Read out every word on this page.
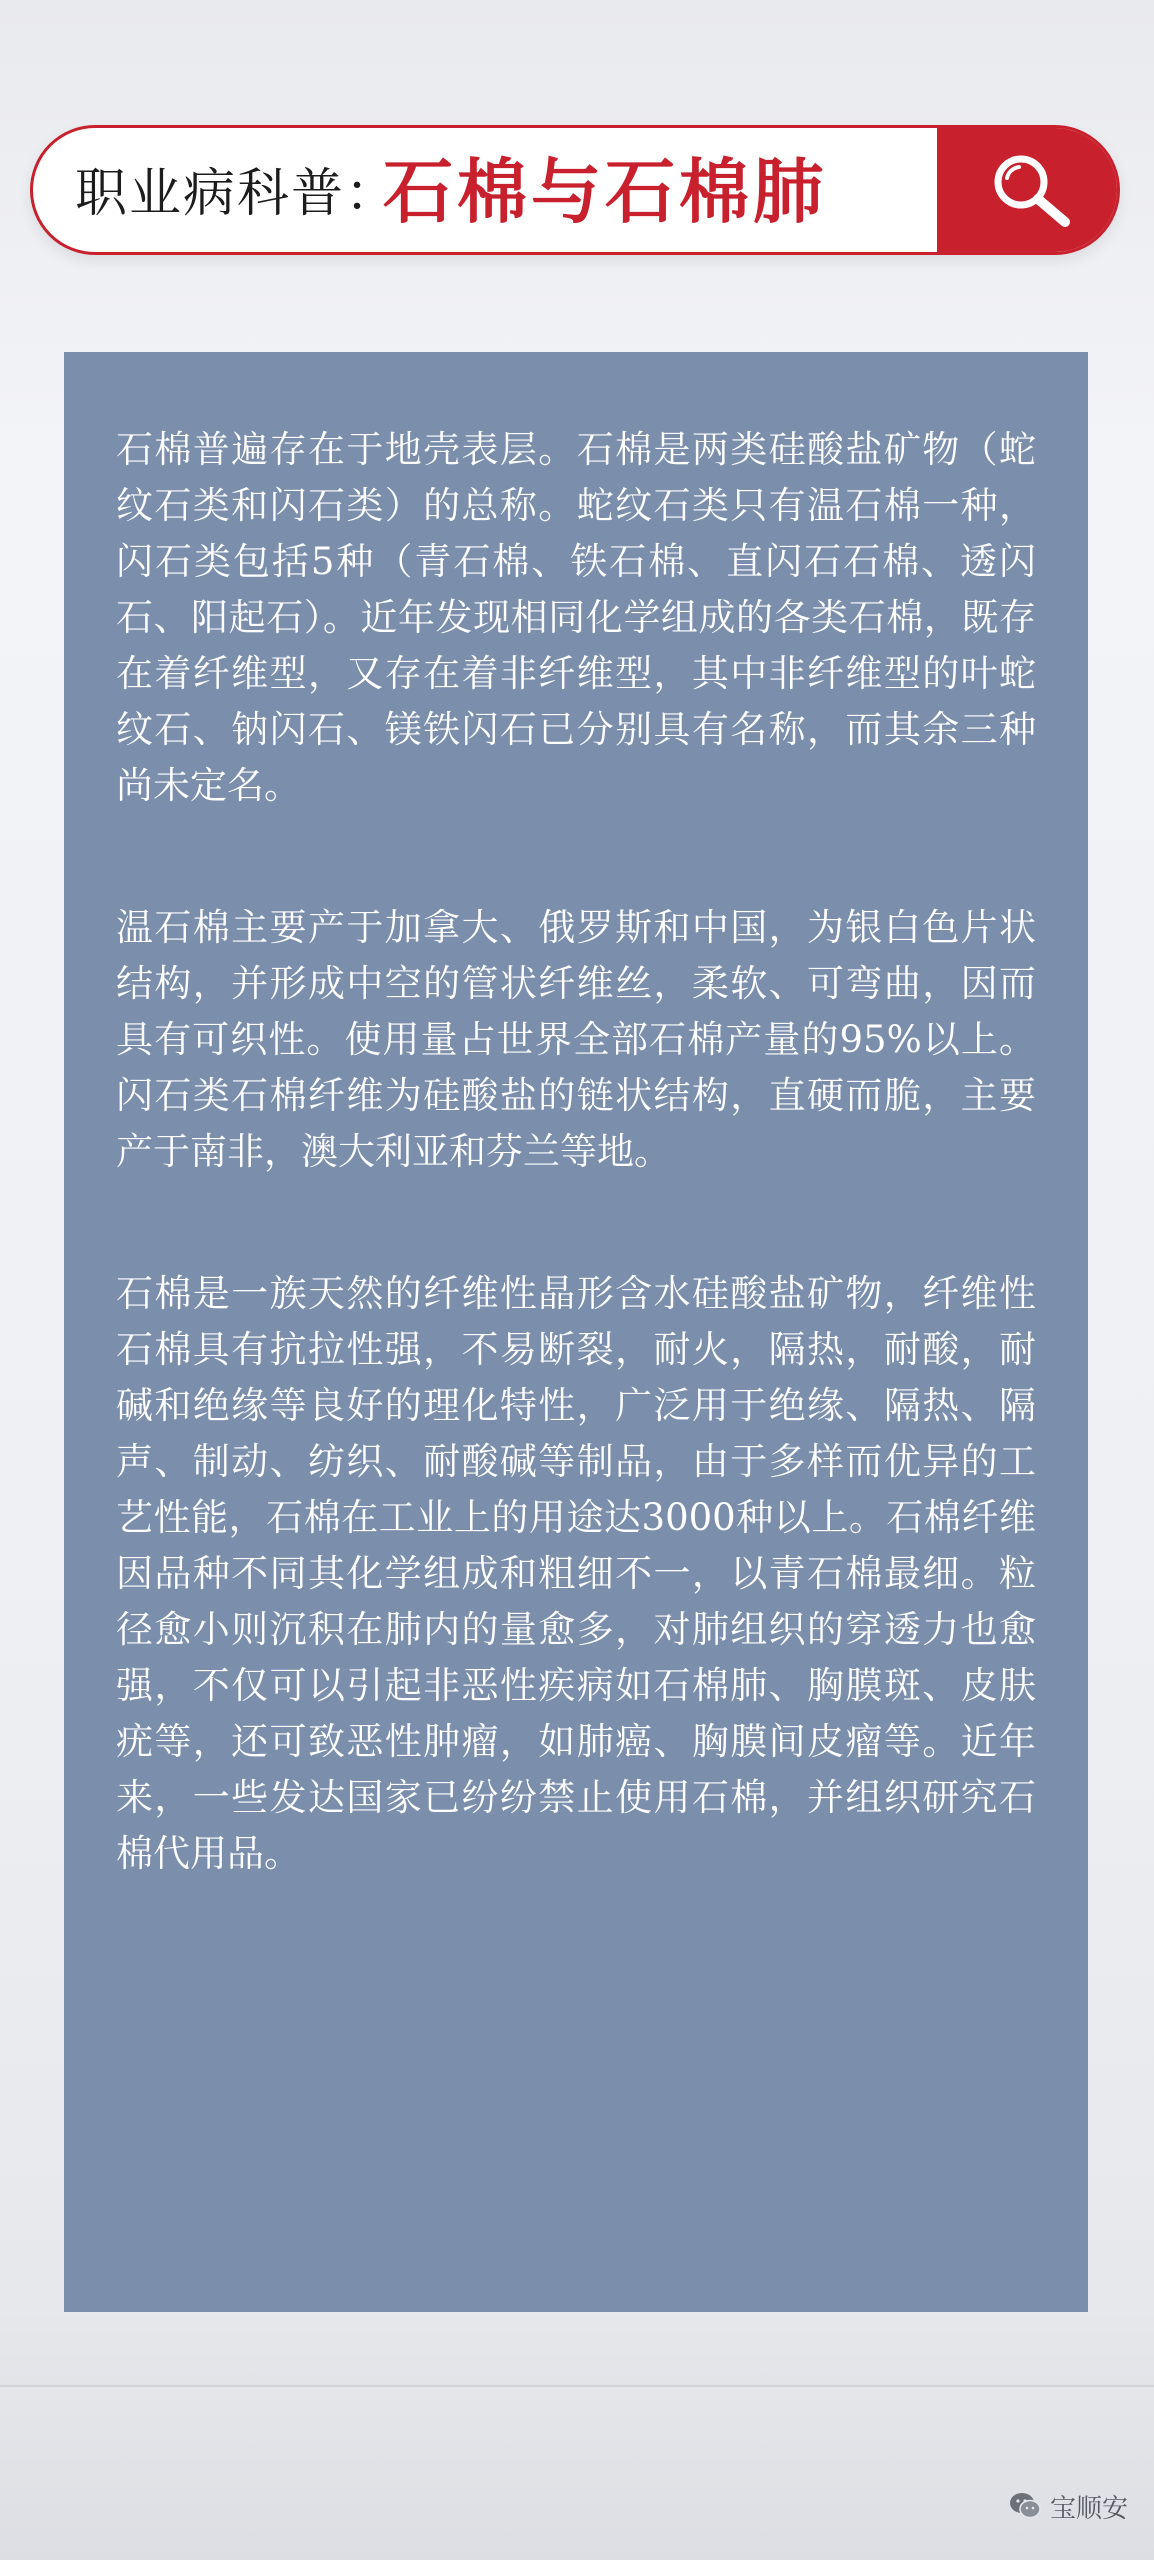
职业病科普：
石棉与石棉肺

石棉普遍存在于地壳表层。石棉是两类硅酸盐矿物（蛇纹石类和闪石类）的总称。蛇纹石类只有温石棉一种，闪石类包括5种（青石棉、铁石棉、直闪石石棉、透闪石、阳起石）。近年发现相同化学组成的各类石棉，既存在着纤维型，又存在着非纤维型，其中非纤维型的叶蛇纹石、钠闪石、镁铁闪石已分别具有名称，而其余三种尚未定名。

温石棉主要产于加拿大、俄罗斯和中国，为银白色片状结构，并形成中空的管状纤维丝，柔软、可弯曲，因而具有可织性。使用量占世界全部石棉产量的95%以上。闪石类石棉纤维为硅酸盐的链状结构，直硬而脆，主要产于南非，澳大利亚和芬兰等地。

石棉是一族天然的纤维性晶形含水硅酸盐矿物，纤维性石棉具有抗拉性强，不易断裂，耐火，隔热，耐酸，耐碱和绝缘等良好的理化特性，广泛用于绝缘、隔热、隔声、制动、纺织、耐酸碱等制品，由于多样而优异的工艺性能，石棉在工业上的用途达3000种以上。石棉纤维因品种不同其化学组成和粗细不一，以青石棉最细。粒径愈小则沉积在肺内的量愈多，对肺组织的穿透力也愈强，不仅可以引起非恶性疾病如石棉肺、胸膜斑、皮肤疣等，还可致恶性肿瘤，如肺癌、胸膜间皮瘤等。近年来，一些发达国家已纷纷禁止使用石棉，并组织研究石棉代用品。

宝顺安
